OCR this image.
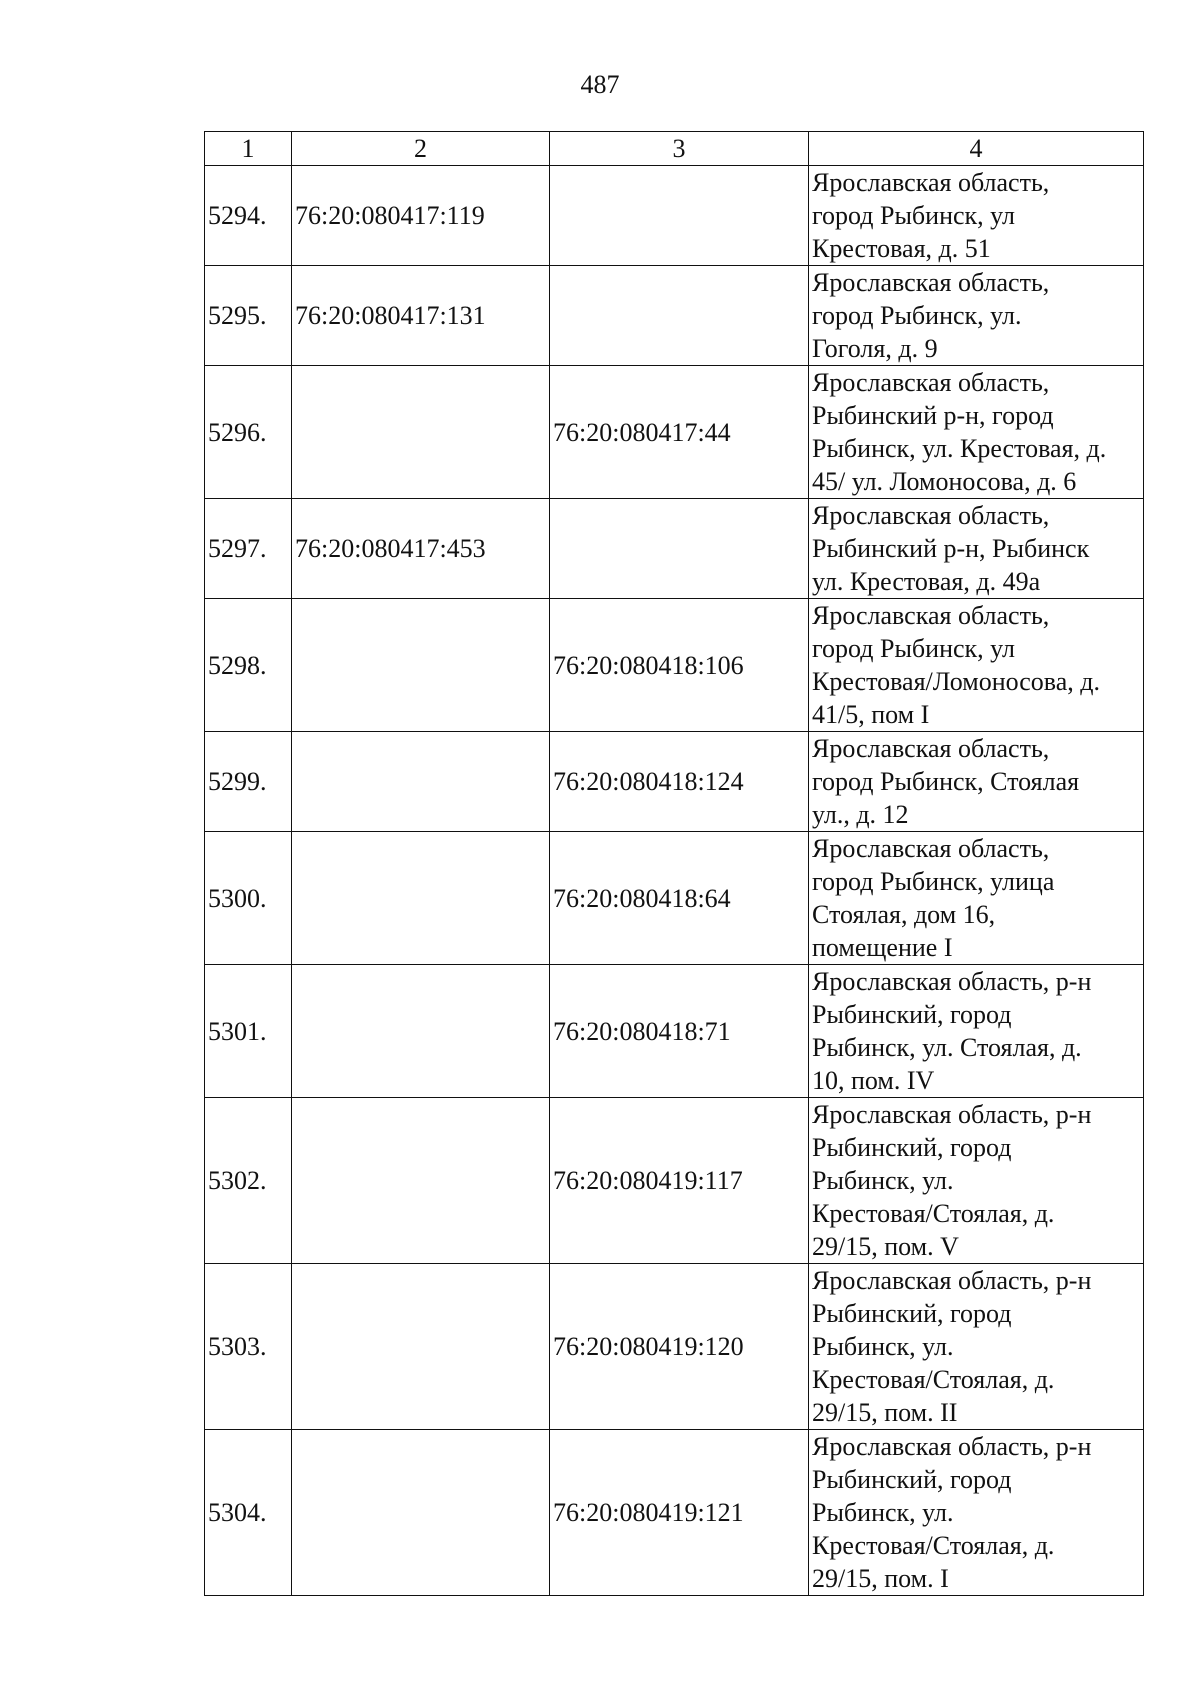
487
1	2	3	4
5294.	76:20:080417:119		Ярославская область,
город Рыбинск, ул
Крестовая, д. 51
5295.	76:20:080417:131		Ярославская область,
город Рыбинск, ул.
Гоголя, д. 9
5296.		76:20:080417:44	Ярославская область,
Рыбинский р-н, город
Рыбинск, ул. Крестовая, д.
45/ ул. Ломоносова, д. 6
5297.	76:20:080417:453		Ярославская область,
Рыбинский р-н, Рыбинск
ул. Крестовая, д. 49а
5298.		76:20:080418:106	Ярославская область,
город Рыбинск, ул
Крестовая/Ломоносова, д.
41/5, пом I
5299.		76:20:080418:124	Ярославская область,
город Рыбинск, Стоялая
ул., д. 12
5300.		76:20:080418:64	Ярославская область,
город Рыбинск, улица
Стоялая, дом 16,
помещение I
5301.		76:20:080418:71	Ярославская область, р-н
Рыбинский, город
Рыбинск, ул. Стоялая, д.
10, пом. IV
5302.		76:20:080419:117	Ярославская область, р-н
Рыбинский, город
Рыбинск, ул.
Крестовая/Стоялая, д.
29/15, пом. V
5303.		76:20:080419:120	Ярославская область, р-н
Рыбинский, город
Рыбинск, ул.
Крестовая/Стоялая, д.
29/15, пом. II
5304.		76:20:080419:121	Ярославская область, р-н
Рыбинский, город
Рыбинск, ул.
Крестовая/Стоялая, д.
29/15, пом. I
